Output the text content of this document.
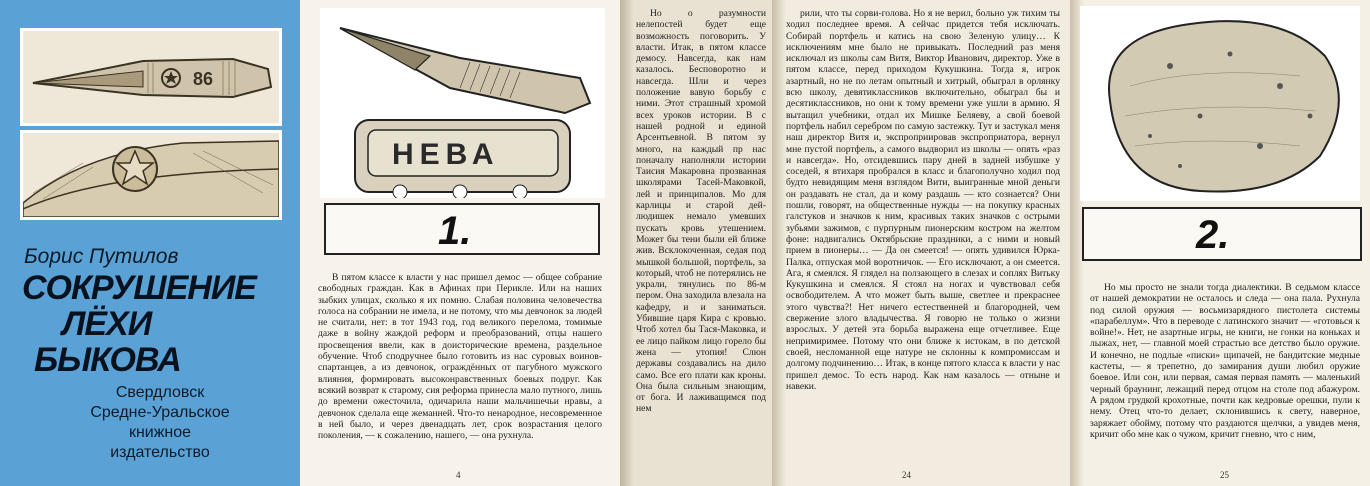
86
Борис Путилов
СОКРУШЕНИЕ
ЛЁХИ
БЫКОВА
Свердловск
Средне-Уральское
книжное
издательство
НЕВА
1.

В пятом классе к власти у нас пришел демос — общее собрание свободных граждан. Как в Афинах при Перикле. Или на наших зыбких улицах, сколько я их помню. Слабая половина человечества голоса на собрании не имела, и не потому, что мы девчонок за людей не считали, нет: в тот 1943 год, год великого перелома, томимые даже в войну жаждой реформ и преобразований, отцы нашего просвещения ввели, как в доисторические времена, раздельное обучение. Чтоб сподручнее было готовить из нас суровых воинов-спартанцев, а из девчонок, ограждённых от пагубного мужского влияния, формировать высоконравственных боевых подруг. Как всякий возврат к старому, сия реформа принесла мало путного, лишь до времени ожесточила, одичарила наши мальчишечьи нравы, а девчонок сделала еще жеманней. Что-то ненародное, несовременное в ней было, и через двенадцать лет, срок возрастания целого поколения, — к сожалению, нашего, — она рухнула.

4

Но о разумности нелепостей будет еще возможность поговорить. У власти. Итак, в пятом классе демосу. Навсегда, как нам казалось. Бесповоротно и навсегда. Шли и через положение вавую борьбу с ними. Этот страшный хромой всех уроков истории. В с нашей родной и единой Арсентьевной. В пятом зу много, на каждый пр нас поначалу наполняли истории Таисия Макаровна прозванная школярами Тасей-Маковкой, лей и принципалов. Мо для карлицы и старой дей-людишек немало умевших пускать кровь утешением. Может бы тени были ей ближе жив. Всклокоченная, седая под мышкой большой, портфель, за который, чтоб не потерялись не украли, тянулись по 86-м пером. Она заходила влезала на кафедру, и и заниматься. Убившие царя Кира с кровью. Чтоб хотел бы Тася-Маковка, и ее лицо пайком лицо горело бы жена — утопия! Слюн державы создавались на дило само. Все его плати как кроны. Она была сильным знающим, от бога. И лаживащимся под нем

рили, что ты сорви-голова. Но я не верил, больно уж тихим ты ходил последнее время. А сейчас придется тебя исключать. Собирай портфель и катись на свою Зеленую улицу… К исключениям мне было не привыкать. Последний раз меня исключал из школы сам Витя, Виктор Иванович, директор. Уже в пятом классе, перед приходом Кукушкина. Тогда я, игрок азартный, но не по летам опытный и хитрый, обыграл в орлянку всю школу, девятиклассников включительно, обыграл бы и десятиклассников, но они к тому времени уже ушли в армию. Я вытащил учебники, отдал их Мишке Беляеву, а свой боевой портфель набил серебром по самую застежку. Тут и застукал меня наш директор Витя и, экспроприировав экспроприатора, вернул мне пустой портфель, а самого выдворил из школы — опять «раз и навсегда». Но, отсидевшись пару дней в задней избушке у соседей, я втихаря пробрался в класс и благополучно ходил под будто невидящим меня взглядом Вити, выигранные мной деньги он раздавать не стал, да и кому раздашь — кто сознается? Они пошли, говорят, на общественные нужды — на покупку красных галстуков и значков к ним, красивых таких значков с острыми зубьями зажимов, с пурпурным пионерским костром на желтом фоне: надвигались Октябрьские праздники, а с ними и новый прием в пионеры… — Да он смеется! — опять удивился Юрка-Палка, отпуская мой воротничок. — Его исключают, а он смеется. Ага, я смеялся. Я глядел на ползающего в слезах и соплях Витьку Кукушкина и смеялся. Я стоял на ногах и чувствовал себя освободителем. А что может быть выше, светлее и прекраснее этого чувства?! Нет ничего естественней и благородней, чем свержение злого владычества. Я говорю не только о жизни взрослых. У детей эта борьба выражена еще отчетливее. Еще непримиримее. Потому что они ближе к истокам, в по детской своей, несломанной еще натуре не склонны к компромиссам и долгому подчинению… Итак, в конце пятого класса к власти у нас пришел демос. То есть народ. Как нам казалось — отныне и навеки.

24
2.

Но мы просто не знали тогда диалектики. В седьмом классе от нашей демократии не осталось и следа — она пала. Рухнула под силой оружия — восьмизарядного пистолета системы «парабеллум». Что в переводе с латинского значит — «готовься к войне!». Нет, не азартные игры, не книги, не гонки на коньках и лыжах, нет, — главной моей страстью все детство было оружие. И конечно, не подлые «писки» щипачей, не бандитские медные кастеты, — я трепетно, до замирания души любил оружие боевое. Или сон, или первая, самая первая память — маленький черный браунинг, лежащий перед отцом на столе под абажуром. А рядом грудкой крохотные, почти как кедровые орешки, пули к нему. Отец что-то делает, склонившись к свету, наверное, заряжает обойму, потому что раздаются щелчки, а увидев меня, кричит обо мне как о чужом, кричит гневно, что с ним,

25
